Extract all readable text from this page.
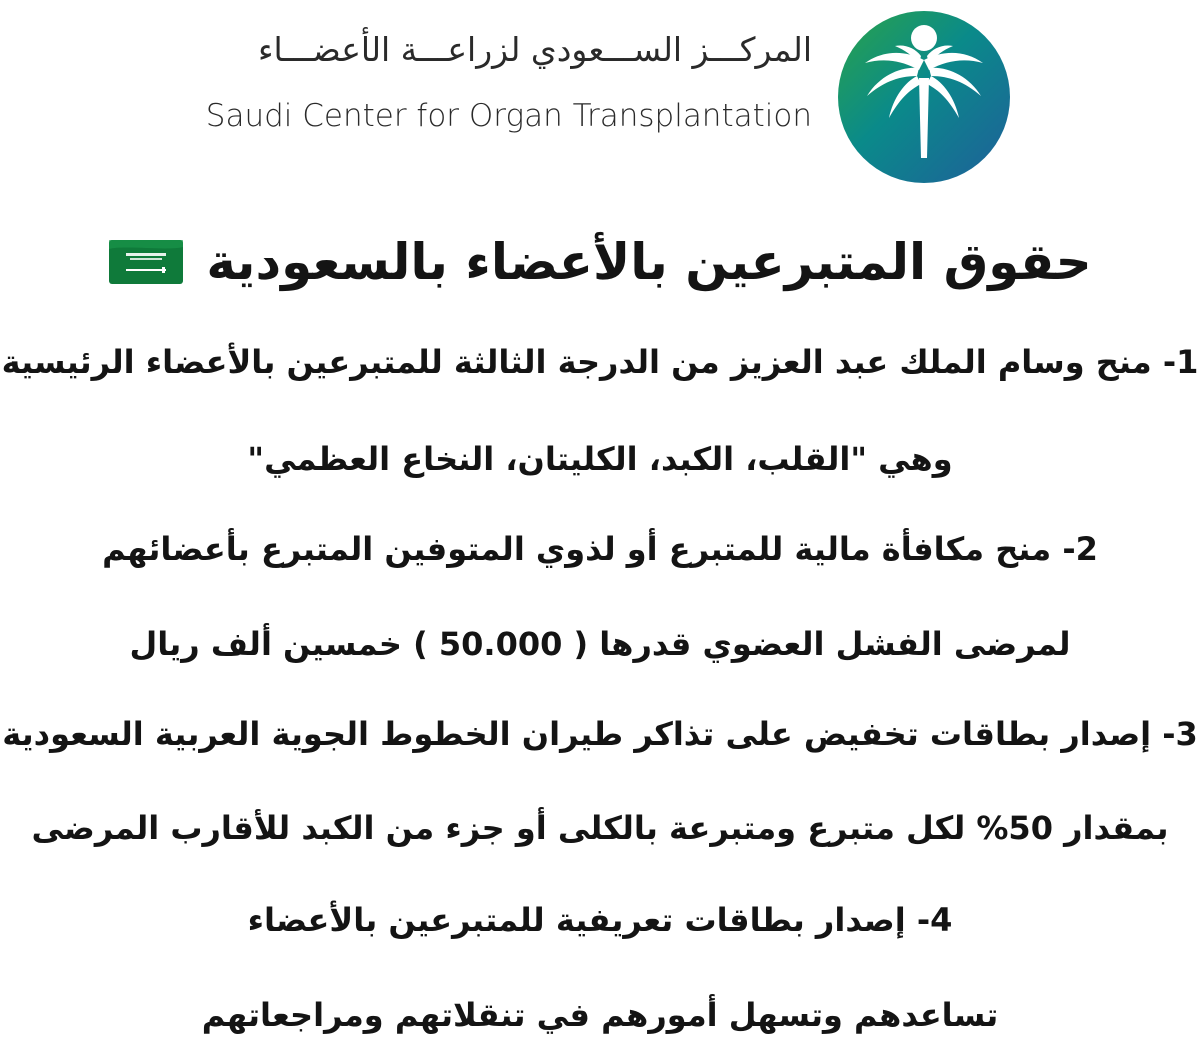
المركـــز الســـعودي لزراعـــة الأعضـــاء
Saudi Center for Organ Transplantation
حقوق المتبرعين بالأعضاء بالسعودية
1- منح وسام الملك عبد العزيز من الدرجة الثالثة للمتبرعين بالأعضاء الرئيسية
وهي "القلب، الكبد، الكليتان، النخاع العظمي"
2- منح مكافأة مالية للمتبرع أو لذوي المتوفين المتبرع بأعضائهم
لمرضى الفشل العضوي قدرها ( 50.000 ) خمسين ألف ريال
3- إصدار بطاقات تخفيض على تذاكر طيران الخطوط الجوية العربية السعودية
بمقدار 50% لكل متبرع ومتبرعة بالكلى أو جزء من الكبد للأقارب المرضى
4- إصدار بطاقات تعريفية للمتبرعين بالأعضاء
تساعدهم وتسهل أمورهم في تنقلاتهم ومراجعاتهم
